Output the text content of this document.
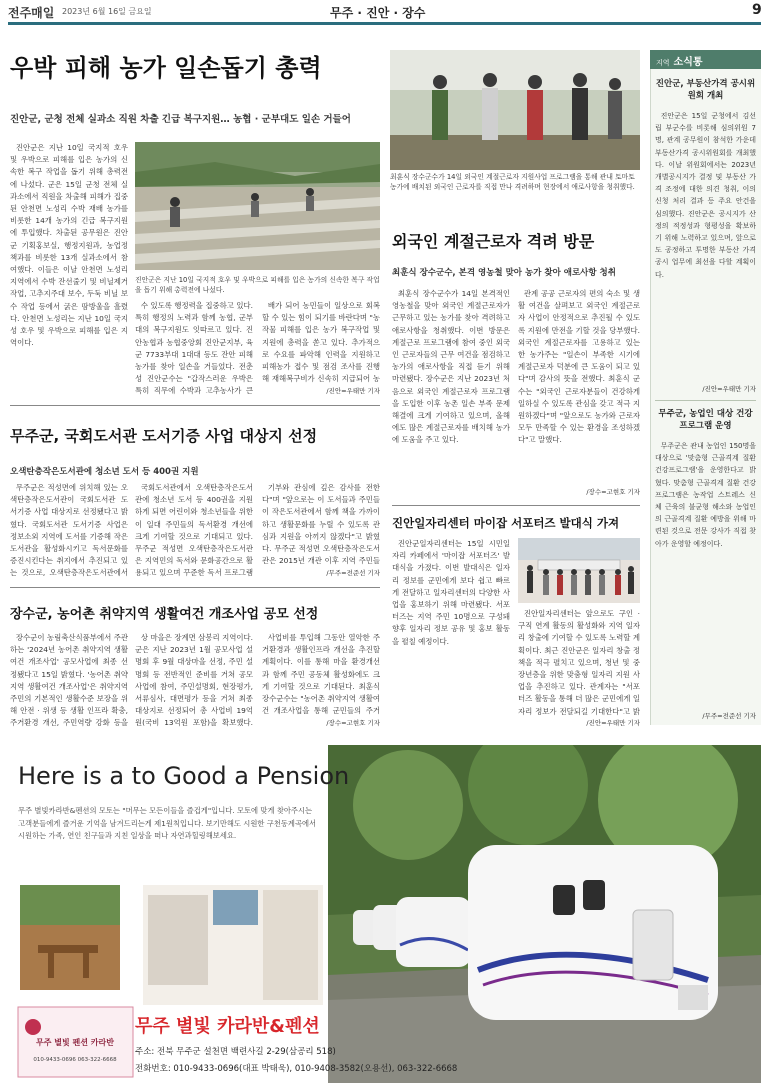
전주매일 2023년 6월 16일 금요일	무주 · 진안 · 장수	9
우박 피해 농가 일손돕기 총력
진안군, 군청 전체 실과소 직원 차출 긴급 복구지원… 농협 · 군부대도 일손 거들어
진안군은 지난 10일 국지적 호우 및 우박으로 피해를 입은 농가의 신속한 복구 작업을 돕기 위해 총력전에 나섰다.

진안군은 지난 10일 국지적 호우 및 우박으로 피해를 입은 농가의 신속한 복구 작업을 돕기 위해 총력전에 나섰다. 군은 15일 군청 전체 실과소에서 직원을 차출해 피해가 집중된 안천면 노성리 수박 재배 농가를 비롯한 14개 농가의 긴급 복구지원에 투입했다. 차출된 공무원은 진안군 기획홍보실, 행정지원과, 농업정책과를 비롯한 13개 실과소에서 참여했다. 이들은 이날 안천면 노성리 지역에서 수박 잔선줄기 및 비닐제거 작업, 고추지주대 보수, 두둑 비닐 보수 작업 등에서 굵은 땀방울을 흘렸다. 안천면 노성리는 지난 10일 국지성 호우 및 우박으로 피해를 입은 지역이다.

수 있도록 행정력을 집중하고 있다. 특히 행정의 노력과 함께 농협, 군부대의 복구지원도 잇따르고 있다. 진안농협과 농협중앙회 진안군지부, 육군 7733부대 1대대 등도 잔안 피해농가를 찾아 일손을 거들었다. 전춘성 진안군수는 "갑작스러운 우박은 특히 직무에 수박과 고추농사가 큰

배가 되어 농민들이 일상으로 회복할 수 있는 힘이 되기를 바란다며 "농작물 피해를 입은 농가 복구작업 및 지원에 총력을 쏟고 있다. 추가적으로 수요를 파악해 인력을 지원하고 피해농가 접수 및 점검 조사를 진행해 재해복구비가 신속히 지급되어 농

/진안=우태만 기자
무주군, 국회도서관 도서기증 사업 대상지 선정
오색탄층작은도서관에 청소년 도서 등 400권 지원

무주군은 적성면에 위치해 있는 오색탄층작은도서관이 국회도서관 도서기증 사업 대상지로 선정됐다고 밝혔다. 국회도서관 도서기증 사업은 정보소외 지역에 도서를 기증해 작은도서관을 활성화시키고 독서문화를 증진시킨다는 취지에서 추진되고 있는 것으로, 오색탄층작은도서관에서

국회도서관에서 오색탄층작은도서관에 청소년 도서 등 400권을 지원하게 되면 어린이와 청소년들을 위한 이 일대 주민들의 독서환경 개선에 크게 기여할 것으로 기대되고 있다. 무주군 적성면 오색탄층작은도서관은 지역민의 독서와 문화공간으로 활용되고 있으며 꾸준한 독서 프로그램

기부와 관심에 깊은 감사를 전한다"며 "앞으로는 이 도서들과 주민들이 작은도서관에서 함께 책을 가까이 하고 생활문화를 누릴 수 있도록 관심과 지원을 아끼지 않겠다"고 밝혔다. 무주군 적성면 오색탄층작은도서관은 2015년 개관 이후 지역 주민들

/무주=전준선 기자
장수군, 농어촌 취약지역 생활여건 개조사업 공모 선정

장수군이 농림축산식품부에서 주관하는 '2024년 농어촌 취약지역 생활여건 개조사업' 공모사업에 최종 선정됐다고 15일 밝혔다. '농어촌 취약지역 생활여건 개조사업'은 취약지역 주민의 기본적인 생활수준 보장을 위해 안전 · 위생 등 생활 인프라 확충, 주거환경 개선, 주민역량 강화 등을

상 마을은 장계면 삼봉리 지역이다. 군은 지난 2023년 1월 공모사업 설명회 후 9월 대상마을 선정, 주민 설명회 등 전반적인 준비를 거쳐 공모사업에 참여, 주민설명회, 현장평가, 서류심사, 대면평가 등을 거쳐 최종 대상지로 선정되어 총 사업비 19억원(국비 13억원 포함)을 확보했다.

사업비를 투입해 그동안 열악한 주거환경과 생활인프라 개선을 추진할 계획이다. 이를 통해 마을 환경개선과 함께 주민 공동체 활성화에도 크게 기여할 것으로 기대된다. 최훈식 장수군수는 "농어촌 취약지역 생활여건 개조사업을 통해 군민들의 주거

/장수=고현호 기자
최훈식 장수군수가 14일 외국인 계절근로자 지원사업 프로그램을 통해 관내 토마토 농가에 배치된 외국인 근로자를 직접 만나 격려하며 현장에서 애로사항을 청취했다.
외국인 계절근로자 격려 방문
최훈식 장수군수, 본격 영농철 맞아 농가 찾아 애로사항 청취

최훈식 장수군수가 14일 본격적인 영농철을 맞아 외국인 계절근로자가 근무하고 있는 농가를 찾아 격려하고 애로사항을 청취했다. 이번 방문은 계절근로 프로그램에 참여 중인 외국인 근로자들의 근무 여건을 점검하고 농가의 애로사항을 직접 듣기 위해 마련됐다. 장수군은 지난 2023년 처음으로 외국인 계절근로자 프로그램을 도입한 이후 농촌 일손 부족 문제 해결에 크게 기여하고 있으며, 올해에도 많은 계절근로자를 배치해 농가에 도움을 주고 있다.

관계 공공 근로자의 편의 숙소 및 생활 여건을 살펴보고 외국인 계절근로자 사업이 안정적으로 추진될 수 있도록 지원에 만전을 기할 것을 당부했다. 외국인 계절근로자를 고용하고 있는 한 농가주는 "일손이 부족한 시기에 계절근로자 덕분에 큰 도움이 되고 있다"며 감사의 뜻을 전했다. 최훈식 군수는 "외국인 근로자분들이 건강하게 일하실 수 있도록 관심을 갖고 적극 지원하겠다"며 "앞으로도 농가와 근로자 모두 만족할 수 있는 환경을 조성하겠다"고 말했다.

/장수=고현호 기자
진안일자리센터 마이잡 서포터즈 발대식 가져

진안군일자리센터는 15일 시민일자리 카페에서 '마이잡 서포터즈' 발대식을 가졌다. 이번 발대식은 일자리 정보를 군민에게 보다 쉽고 빠르게 전달하고 일자리센터의 다양한 사업을 홍보하기 위해 마련됐다. 서포터즈는 지역 주민 10명으로 구성돼 향후 일자리 정보 공유 및 홍보 활동을 펼칠 예정이다.

진안일자리센터는 앞으로도 구인 · 구직 연계 활동의 활성화와 지역 일자리 창출에 기여할 수 있도록 노력할 계획이다. 최근 진안군은 일자리 창출 정책을 적극 펼치고 있으며, 청년 및 중장년층을 위한 맞춤형 일자리 지원 사업을 추진하고 있다. 관계자는 "서포터즈 활동을 통해 더 많은 군민에게 일자리 정보가 전달되길 기대한다"고 밝

/진안=우태만 기자
지역 소식통
진안군, 부동산가격 공시위원회 개최

진안군은 15일 군청에서 김선립 부군수를 비롯해 심의위원 7명, 관계 공무원이 참석한 가운데 부동산가격 공시위원회를 개최했다. 이날 위원회에서는 2023년 개별공시지가 결정 및 부동산 가격 조정에 대한 의견 청취, 이의신청 처리 결과 등 주요 안건을 심의했다. 진안군은 공시지가 산정의 적정성과 형평성을 확보하기 위해 노력하고 있으며, 앞으로도 공정하고 투명한 부동산 가격 공시 업무에 최선을 다할 계획이다.

/진안=우태만 기자
무주군, 농업인 대상 건강 프로그램 운영

무주군은 관내 농업인 150명을 대상으로 '맞춤형 근골격계 질환 건강프로그램'을 운영한다고 밝혔다. 맞춤형 근골격계 질환 건강프로그램은 농작업 스트레스 신체 근육의 불균형 해소와 농업인의 근골격계 질환 예방을 위해 마련된 것으로 전문 강사가 직접 찾아가 운영할 예정이다.

/무주=전준선 기자
무주 별빛 펜션 카라반
010-9433-0696 063-322-6668
Here is a to Good a Pension
무주 별빛카라반&펜션의 모토는 "머무는 모든이들을 즐겁게"입니다. 모토에 맞게 찾아주시는 고객분들에게 즐거운 기억을 남겨드리는게 제1원칙입니다. 보기만해도 시원한 구천동계곡에서 시원하는 가족, 연인 친구들과 지친 일상을 떠나 자연과힐링해보세요.
무주 별빛 카라반&펜션
주소: 전북 무주군 설천면 백련사길 2-29(삼공리 518)
전화번호: 010-9433-0696(대표 박태욱), 010-9408-3582(오용선), 063-322-6668
